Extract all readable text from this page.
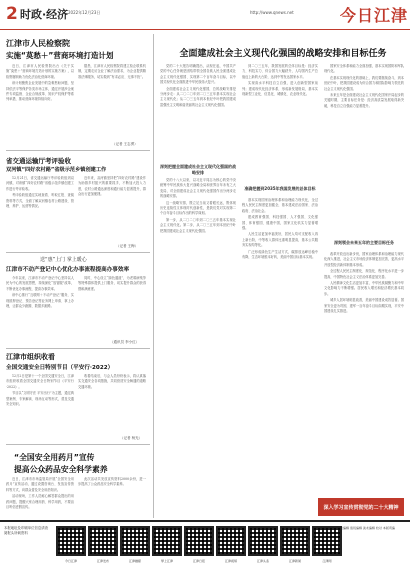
2 时政·经济 2022年12月23日	http://www.qnews.net	今日江津
江津市人民检察院
实施“莫愁＋”营商环境打造计划

近日，江津市人民检察院出台《关于实施“莫愁＋”营商环境打造计划的实施方案》，以检察履职助力优化法治化营商环境。

该计划聚焦企业发展中的急难愁盼问题，坚持依法平等保护各类市场主体，通过开展涉企案件专项监督、企业合规改革、知识产权保护等系列举措，推动营商环境持续向好。

据悉，江津市人民检察院将建立检企联系机制，定期走访企业了解法治需求，为企业提供精准法律服务，切实做到“有求必应、无事不扰”。

（记者 王志勇）
省交通运输厅考评验收
双河镇“四好农村路”省级示范乡镇创建工作

12月21日，省交通运输厅考评验收组到双河镇，对该镇“四好农村路”省级示范乡镇创建工作进行考评验收。

考评验收组通过实地查看、听取汇报、查阅资料等方式，全面了解双河镇农村公路建设、管理、养护、运营等情况。

近年来，双河镇坚持把“四好农村路”建设作为助推乡村振兴的重要抓手，不断加大投入力度，农村公路通达深度和通行能力显著提升，群众出行更加便捷。

（记者 王梅）
送“惠”上门 掌上暖心
江津市不动产登记中心优化办事流程提高办事效率

今年以来，江津市不动产登记中心坚持以人民为中心的发展思想，持续深化“放管服”改革，不断优化办事流程，提高办事效率。

该中心推行“互联网＋不动产登记”服务，实现抵押登记、预告登记等业务网上申请、掌上办理，让群众少跑腿、数据多跑路。

同时，中心设立“绿色通道”，为老弱病残孕等特殊群体提供上门服务，切实提升群众的获得感和满意度。

（通讯员 李小红）
江津市组织收看
全国交通安全日特别节目（平安行·2022）

12月2日是第十一个全国交通安全日，江津市组织收看全国交通安全日特别节目《平安行·2022》。

节目以“文明守法 平安出行”为主题，通过典型案例、专家解读、现场互动等形式，普及交通安全知识。

收看结束后，与会人员纷纷表示，将认真落实交通安全各项措施，共同营造安全畅通的道路交通环境。

（记者 杨光）
“全国安全用药月”宣传
提高公众药品安全科学素养

近日，江津市市场监管局开展“全国安全用药月”宣传活动，通过设置咨询台、发放宣传资料等方式，向群众普及安全用药知识。

活动现场，工作人员耐心解答群众提出的用药问题，提醒大家合理用药、科学用药，不要盲目听信虚假宣传。

此次活动共发放宣传资料2000余份，进一步提高了公众药品安全科学素养。

全面建成社会主义现代化强国的战略安排和目标任务

党的二十大报告明确提出，从现在起，中国共产党的中心任务就是团结带领全国各族人民全面建成社会主义现代化强国、实现第二个百年奋斗目标，以中国式现代化全面推进中华民族伟大复兴。

全面建成社会主义现代化强国，总的战略安排是分两步走：从二〇二〇年到二〇三五年基本实现社会主义现代化；从二〇三五年到本世纪中叶把我国建成富强民主文明和谐美丽的社会主义现代化强国。

深刻把握全面建成社会主义现代化强国的战略安排

党的十八大以来，以习近平同志为核心的党中央统筹中华民族伟大复兴战略全局和世界百年未有之大变局，对全面建成社会主义现代化强国作出分两步走的战略安排。

这一战略安排，既立足当前又着眼长远，既体现历史连续性又体现时代创新性，是我们党对实现第二个百年奋斗目标作出的科学谋划。

第一步，从二〇二〇年到二〇三五年基本实现社会主义现代化。第二步，从二〇三五年到本世纪中叶把我国建成社会主义现代化强国。

到二〇三五年，我国发展的总体目标是：经济实力、科技实力、综合国力大幅跃升，人均国内生产总值迈上新的大台阶，达到中等发达国家水平。

实现高水平科技自立自强，进入创新型国家前列；建成现代化经济体系，形成新发展格局，基本实现新型工业化、信息化、城镇化、农业现代化。

准确把握到2035年我国发展的总体目标

基本实现国家治理体系和治理能力现代化，全过程人民民主制度更加健全，基本建成法治国家、法治政府、法治社会。

建成教育强国、科技强国、人才强国、文化强国、体育强国、健康中国，国家文化软实力显著增强。

人民生活更加幸福美好，居民人均可支配收入再上新台阶，中等收入群体比重明显提高，基本公共服务实现均等化。

广泛形成绿色生产生活方式，碳排放达峰后稳中有降，生态环境根本好转，美丽中国目标基本实现。

国家安全体系和能力全面加强，基本实现国防和军队现代化。

在基本实现现代化的基础上，我们要继续奋斗，到本世纪中叶，把我国建设成为综合国力和国际影响力领先的社会主义现代化强国。

未来五年是全面建设社会主义现代化国家开局起步的关键时期，主要目标任务是：经济高质量发展取得新突破，科技自立自强能力显著提升。

深刻领会未来五年的主要目标任务

改革开放迈出新步伐，国家治理体系和治理能力现代化深入推进，社会主义市场经济体制更加完善，更高水平开放型经济新体制基本形成。

全过程人民民主制度化、规范化、程序化水平进一步提高，中国特色社会主义法治体系更加完善。

人民精神文化生活更加丰富，中华民族凝聚力和中华文化影响力不断增强。居民收入增长和经济增长基本同步。

城乡人居环境明显改善，美丽中国建设成效显著。国家安全更为巩固，建军一百年奋斗目标如期实现，平安中国建设扎实推进。

深入学习宣传贯彻党的二十大精神
本报地址及印刷单位信息请查阅报头所载资料
今日江津	江津发布	江津融媒	掌上江津	江津日报	江津视频	江津头条	江津新闻	江津网
总编辑 值班编辑 美术编辑 校对 本版责编
